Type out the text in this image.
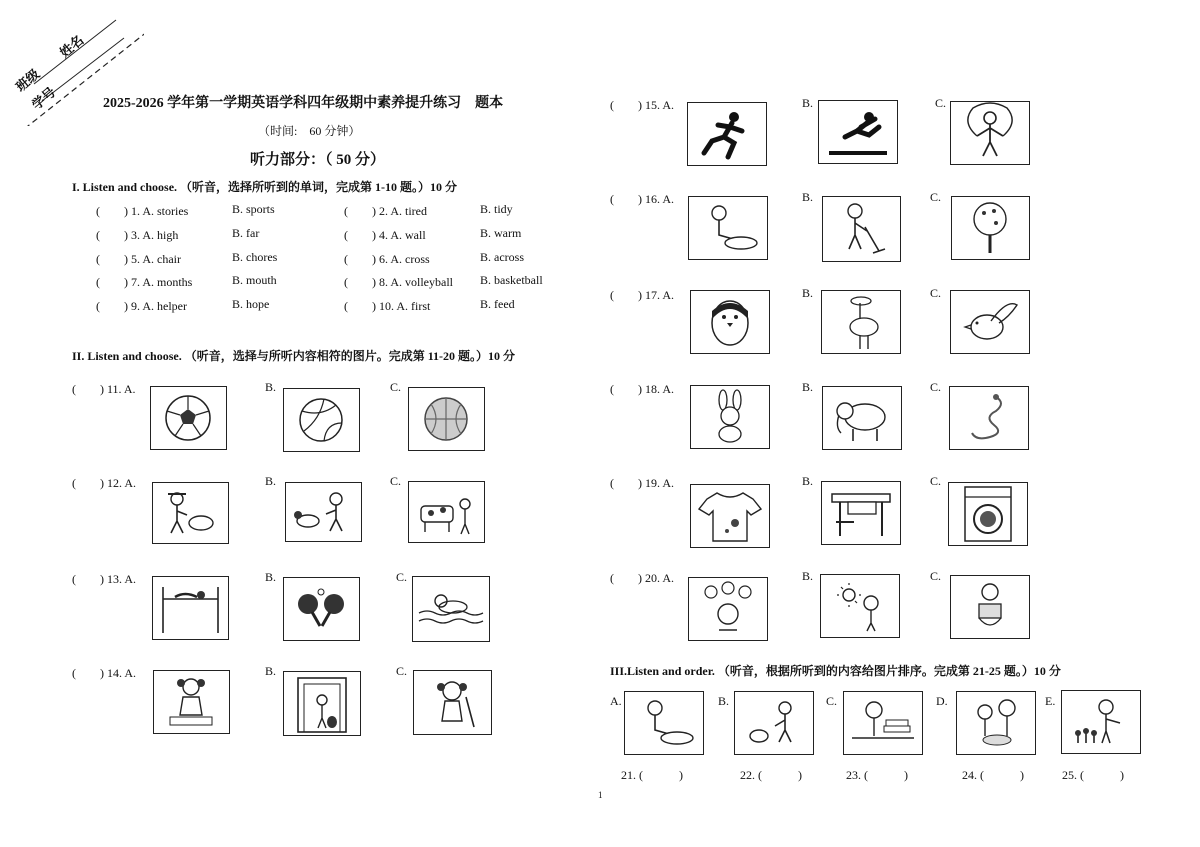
班级
姓名
学号	2025-2026 学年第一学期英语学科四年级期中素养提升练习　题本
（时间:　60 分钟）
听力部分：（ 50 分）
I. Listen and choose. （听音，选择所听到的单词，完成第 1-10 题。）10 分
(　　) 1. A. stories	B. sports	(　　) 2. A. tired	B. tidy
(　　) 3. A. high	B. far	(　　) 4. A. wall	B. warm
(　　) 5. A. chair	B. chores	(　　) 6. A. cross	B. across
(　　) 7. A. months	B. mouth	(　　) 8. A. volleyball B. basketball
(　　) 9. A. helper	B. hope	(　　) 10. A. first	B. feed
II. Listen and choose. （听音，选择与所听内容相符的图片。完成第 11-20 题。）10 分
(　　) 11. A.	B.	C.
(　　) 12. A.	B.	C.
(　　) 13. A.	B.	C.
(　　) 14. A.	B.	C.
(　　) 15. A.	B.	C.
(　　) 16. A.	B.	C.
(　　) 17. A.	B.	C.
(　　) 18. A.	B.	C.
(　　) 19. A.	B.	C.
(　　) 20. A.	B.	C.
III.Listen and order. （听音，根据所听到的内容给图片排序。完成第 21-25 题。）10 分
A.	B.	C.	D.	E.
21. (　　　)	22. (　　　)	23. (　　　)	24. (　　　)	25. (　　　)
1
